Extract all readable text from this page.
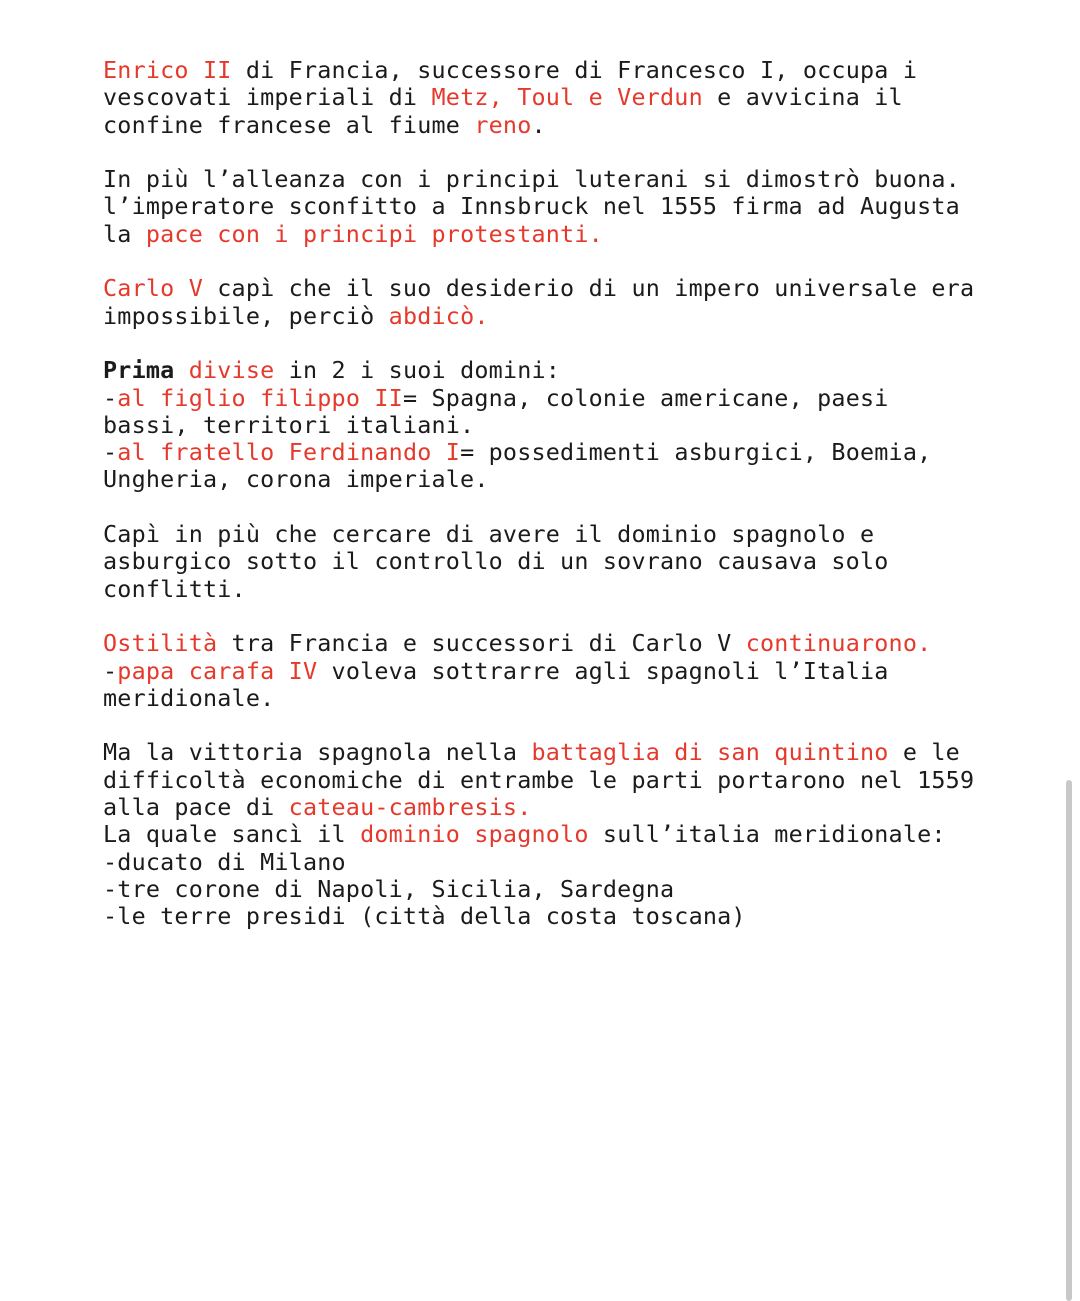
Enrico II di Francia, successore di Francesco I, occupa i
vescovati imperiali di Metz, Toul e Verdun e avvicina il
confine francese al fiume reno.
In più l’alleanza con i principi luterani si dimostrò buona.
l’imperatore sconfitto a Innsbruck nel 1555 firma ad Augusta
la pace con i principi protestanti.
Carlo V capì che il suo desiderio di un impero universale era
impossibile, perciò abdicò.
Prima divise in 2 i suoi domini:
-al figlio filippo II= Spagna, colonie americane, paesi
bassi, territori italiani.
-al fratello Ferdinando I= possedimenti asburgici, Boemia,
Ungheria, corona imperiale.
Capì in più che cercare di avere il dominio spagnolo e
asburgico sotto il controllo di un sovrano causava solo
conflitti.
Ostilità tra Francia e successori di Carlo V continuarono.
-papa carafa IV voleva sottrarre agli spagnoli l’Italia
meridionale.
Ma la vittoria spagnola nella battaglia di san quintino e le
difficoltà economiche di entrambe le parti portarono nel 1559
alla pace di cateau-cambresis.
La quale sancì il dominio spagnolo sull’italia meridionale:
-ducato di Milano
-tre corone di Napoli, Sicilia, Sardegna
-le terre presidi (città della costa toscana)
